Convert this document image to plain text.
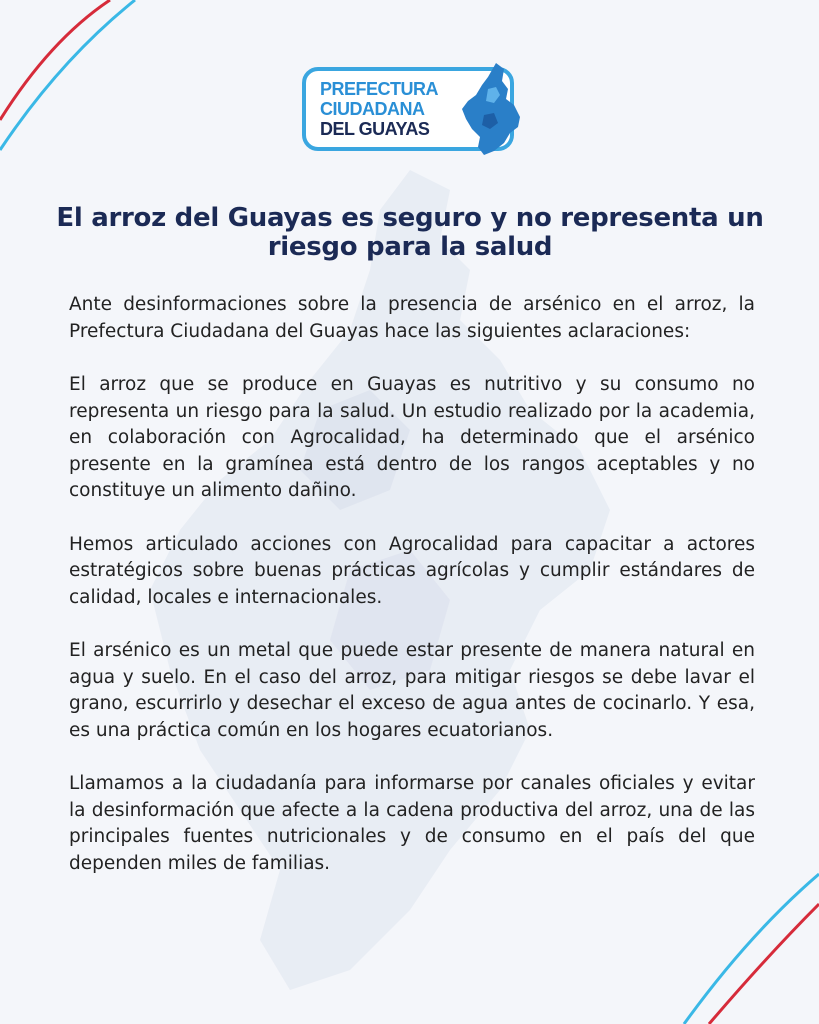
PREFECTURA
CIUDADANA
DEL GUAYAS
El arroz del Guayas es seguro y no representa un riesgo para la salud

Ante desinformaciones sobre la presencia de arsénico en el arroz, la Prefectura Ciudadana del Guayas hace las siguientes aclaraciones:

El arroz que se produce en Guayas es nutritivo y su consumo no representa un riesgo para la salud. Un estudio realizado por la academia, en colaboración con Agrocalidad, ha determinado que el arsénico presente en la gramínea está dentro de los rangos aceptables y no constituye un alimento dañino.

Hemos articulado acciones con Agrocalidad para capacitar a actores estratégicos sobre buenas prácticas agrícolas y cumplir estándares de calidad, locales e internacionales.

El arsénico es un metal que puede estar presente de manera natural en agua y suelo. En el caso del arroz, para mitigar riesgos se debe lavar el grano, escurrirlo y desechar el exceso de agua antes de cocinarlo. Y esa, es una práctica común en los hogares ecuatorianos.

Llamamos a la ciudadanía para informarse por canales oficiales y evitar la desinformación que afecte a la cadena productiva del arroz, una de las principales fuentes nutricionales y de consumo en el país del que dependen miles de familias.
